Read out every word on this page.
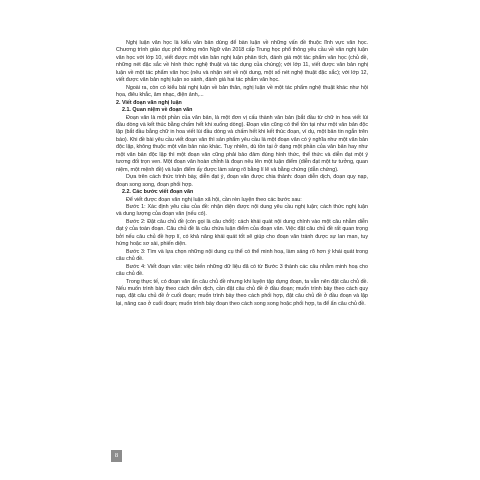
Nghị luận văn học là kiểu văn bản dùng để bàn luận về những vấn đề thuộc lĩnh vực văn học. Chương trình giáo dục phổ thông môn Ngữ văn 2018 cấp Trung học phổ thông yêu cầu về văn nghị luận văn học với lớp 10, viết được một văn bản nghị luận phân tích, đánh giá một tác phẩm văn học (chủ đề, những nét đặc sắc về hình thức nghệ thuật và tác dụng của chúng); với lớp 11, viết được văn bản nghị luận về một tác phẩm văn học (nêu và nhận xét về nội dung, một số nét nghệ thuật đặc sắc); với lớp 12, viết được văn bản nghị luận so sánh, đánh giá hai tác phẩm văn học.

Ngoài ra, còn có kiểu bài nghị luận về bản thân, nghị luận về một tác phẩm nghệ thuật khác như hội họa, điêu khắc, âm nhạc, điện ảnh,...

2. Viết đoạn văn nghị luận

2.1. Quan niệm về đoạn văn

Đoạn văn là một phần của văn bản, là một đơn vị cấu thành văn bản (bắt đầu từ chữ in hoa viết lùi đầu dòng và kết thúc bằng chấm hết khi xuống dòng). Đoạn văn cũng có thể tồn tại như một văn bản độc lập (bắt đầu bằng chữ in hoa viết lùi đầu dòng và chấm hết khi kết thúc đoạn, ví dụ, một bản tin ngắn trên báo). Khi đề bài yêu cầu viết đoạn văn thì sản phẩm yêu cầu là một đoạn văn có ý nghĩa như một văn bản độc lập, không thuộc một văn bản nào khác. Tuy nhiên, dù tồn tại ở dạng một phần của văn bản hay như một văn bản độc lập thì một đoạn văn cũng phải bảo đảm đúng hình thức, thể thức và diễn đạt một ý tương đối trọn ven. Một đoạn văn hoàn chỉnh là đoạn nêu lên một luận điểm (diễn đạt một tư tưởng, quan niệm, một mệnh đề) và luận điểm ấy được làm sáng rõ bằng lí lẽ và bằng chứng (dẫn chứng).

Dựa trên cách thức trình bày, diễn đạt ý, đoạn văn được chia thành: đoạn diễn dịch, đoạn quy nạp, đoạn song song, đoạn phối hợp.

2.2. Các bước viết đoạn văn

Để viết được đoạn văn nghị luận xã hội, cần rèn luyện theo các bước sau:

Bước 1: Xác định yêu cầu của đề: nhận diện được nội dung yêu cầu nghị luận; cách thức nghị luận và dung lượng của đoạn văn (nếu có).

Bước 2: Đặt câu chủ đề (còn gọi là câu chốt): cách khái quát nội dung chính vào một câu nhằm diễn đạt ý của toàn đoạn. Câu chủ đề là câu chứa luận điểm của đoạn văn. Việc đặt câu chủ đề rất quan trọng bởi nếu câu chủ đề hợp lí, có khả năng khái quát tốt sẽ giúp cho đoạn văn tránh được sự lan man, tuy hứng hoặc sơ sài, phiến diện.

Bước 3: Tìm và lựa chọn những nội dung cụ thể có thể minh hoạ, làm sáng rõ hơn ý khái quát trong câu chủ đề.

Bước 4: Viết đoạn văn: việc biến những dữ liệu đã có từ Bước 3 thành các câu nhằm minh hoạ cho câu chủ đề.

Trong thực tế, có đoạn văn ẩn câu chủ đề nhưng khi luyện tập dựng đoạn, ta vẫn nên đặt câu chủ đề. Nếu muốn trình bày theo cách diễn dịch, cần đặt câu chủ đề ở đầu đoạn; muốn trình bày theo cách quy nạp, đặt câu chủ đề ở cuối đoạn; muốn trình bày theo cách phối hợp, đặt câu chủ đề ở đầu đoạn và lặp lại, nâng cao ở cuối đoạn; muốn trình bày đoạn theo cách song song hoặc phối hợp, ta để ẩn câu chủ đề.

8
